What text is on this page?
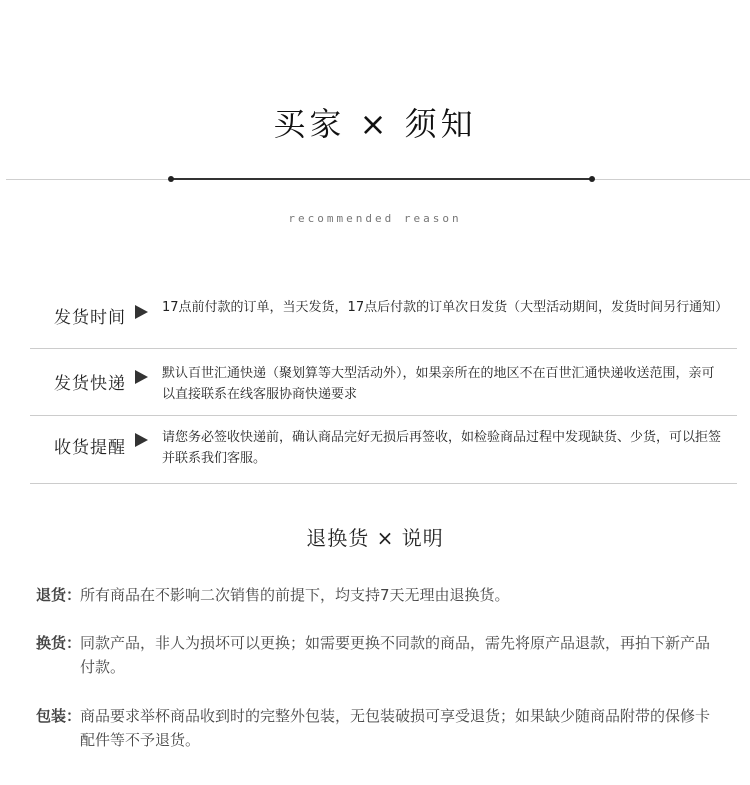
买家 × 须知
recommended reason
发货时间
17点前付款的订单，当天发货，17点后付款的订单次日发货（大型活动期间，发货时间另行通知）
发货快递
默认百世汇通快递（聚划算等大型活动外），如果亲所在的地区不在百世汇通快递收送范围，亲可以直接联系在线客服协商快递要求
收货提醒
请您务必签收快递前，确认商品完好无损后再签收，如检验商品过程中发现缺货、少货，可以拒签并联系我们客服。
退换货 × 说明
退货：
所有商品在不影响二次销售的前提下，均支持7天无理由退换货。
换货：
同款产品，非人为损坏可以更换；如需要更换不同款的商品，需先将原产品退款，再拍下新产品付款。
包装：
商品要求举杯商品收到时的完整外包装，无包装破损可享受退货；如果缺少随商品附带的保修卡配件等不予退货。
